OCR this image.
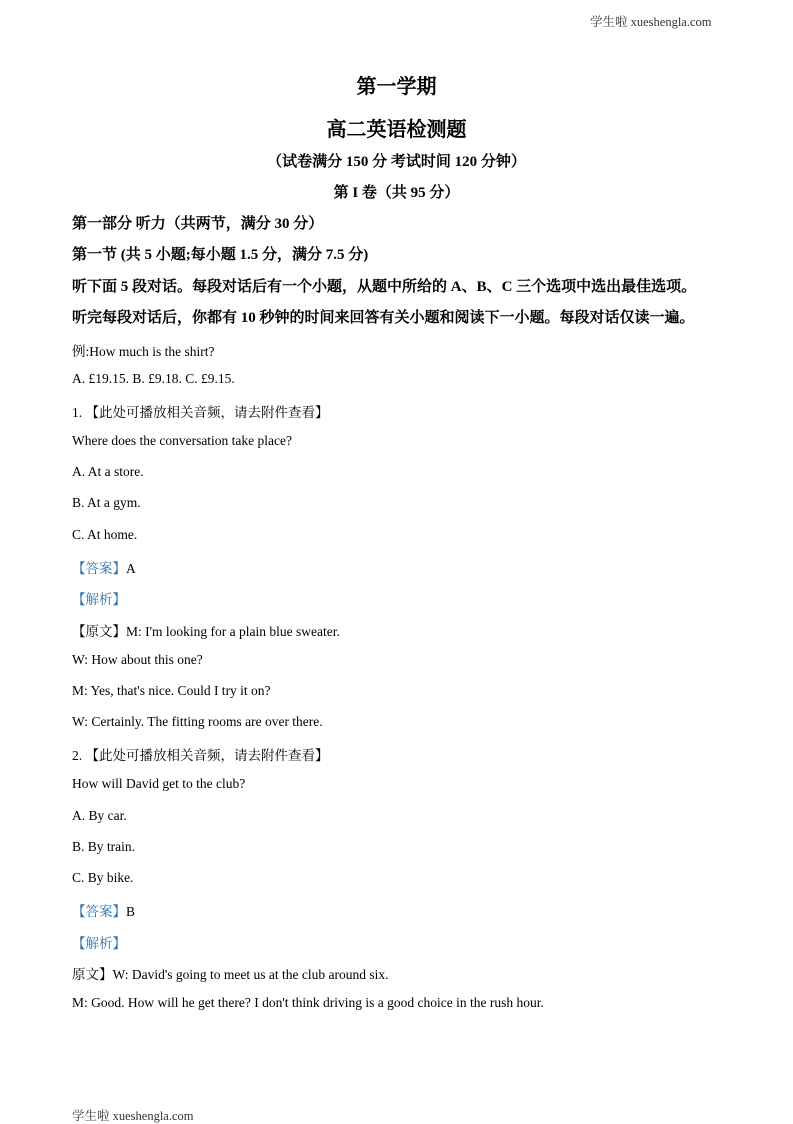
学生啦 xueshengla.com
第一学期
高二英语检测题
（试卷满分 150 分 考试时间 120 分钟）
第 I 卷（共 95 分）
第一部分 听力（共两节，满分 30 分）
第一节 (共 5 小题;每小题 1.5 分，满分 7.5 分)
听下面 5 段对话。每段对话后有一个小题，从题中所给的 A、B、C 三个选项中选出最佳选项。
听完每段对话后，你都有 10 秒钟的时间来回答有关小题和阅读下一小题。每段对话仅读一遍。
例:How much is the shirt?
A. £19.15. B. £9.18. C. £9.15.
1. 【此处可播放相关音频，请去附件查看】
Where does the conversation take place?
A. At a store.
B. At a gym.
C. At home.
【答案】A
【解析】
【原文】M: I'm looking for a plain blue sweater.
W: How about this one?
M: Yes, that's nice. Could I try it on?
W: Certainly. The fitting rooms are over there.
2. 【此处可播放相关音频，请去附件查看】
How will David get to the club?
A. By car.
B. By train.
C. By bike.
【答案】B
【解析】
原文】W: David's going to meet us at the club around six.
M: Good. How will he get there? I don't think driving is a good choice in the rush hour.
学生啦 xueshengla.com
